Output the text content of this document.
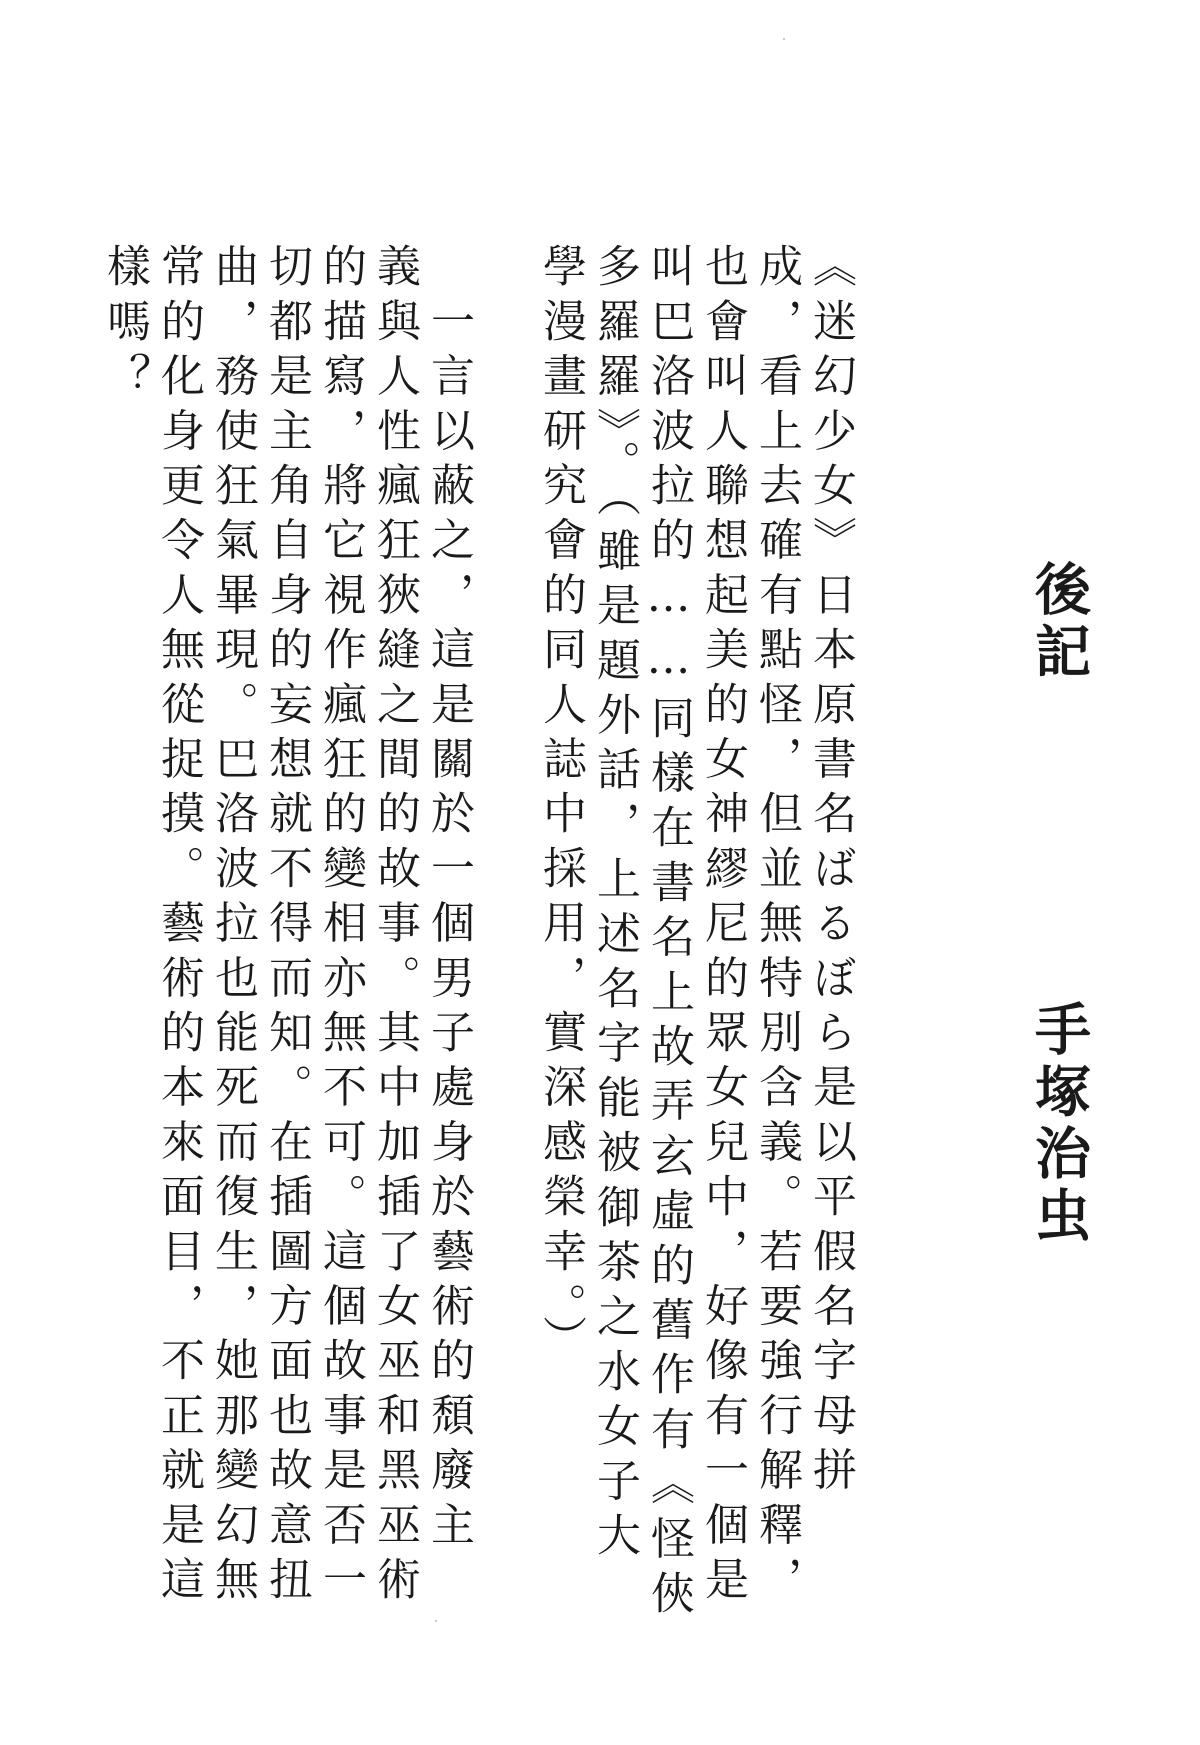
後記
手塚治虫
《迷幻少女》日本原書名ばるぼら是以平假名字母拼
成，看上去確有點怪，但並無特別含義。若要強行解釋，
也會叫人聯想起美的女神繆尼的眾女兒中，好像有一個是
叫巴洛波拉的……同樣在書名上故弄玄虛的舊作有《怪俠
多羅羅》。（雖是題外話，上述名字能被御茶之水女子大
學漫畫研究會的同人誌中採用，實深感榮幸。）
　一言以蔽之，這是關於一個男子處身於藝術的頹廢主
義與人性瘋狂狹縫之間的故事。其中加插了女巫和黑巫術
的描寫，將它視作瘋狂的變相亦無不可。這個故事是否一
切都是主角自身的妄想就不得而知。在插圖方面也故意扭
曲，務使狂氣畢現。巴洛波拉也能死而復生，她那變幻無
常的化身更令人無從捉摸。藝術的本來面目，不正就是這
樣嗎？
